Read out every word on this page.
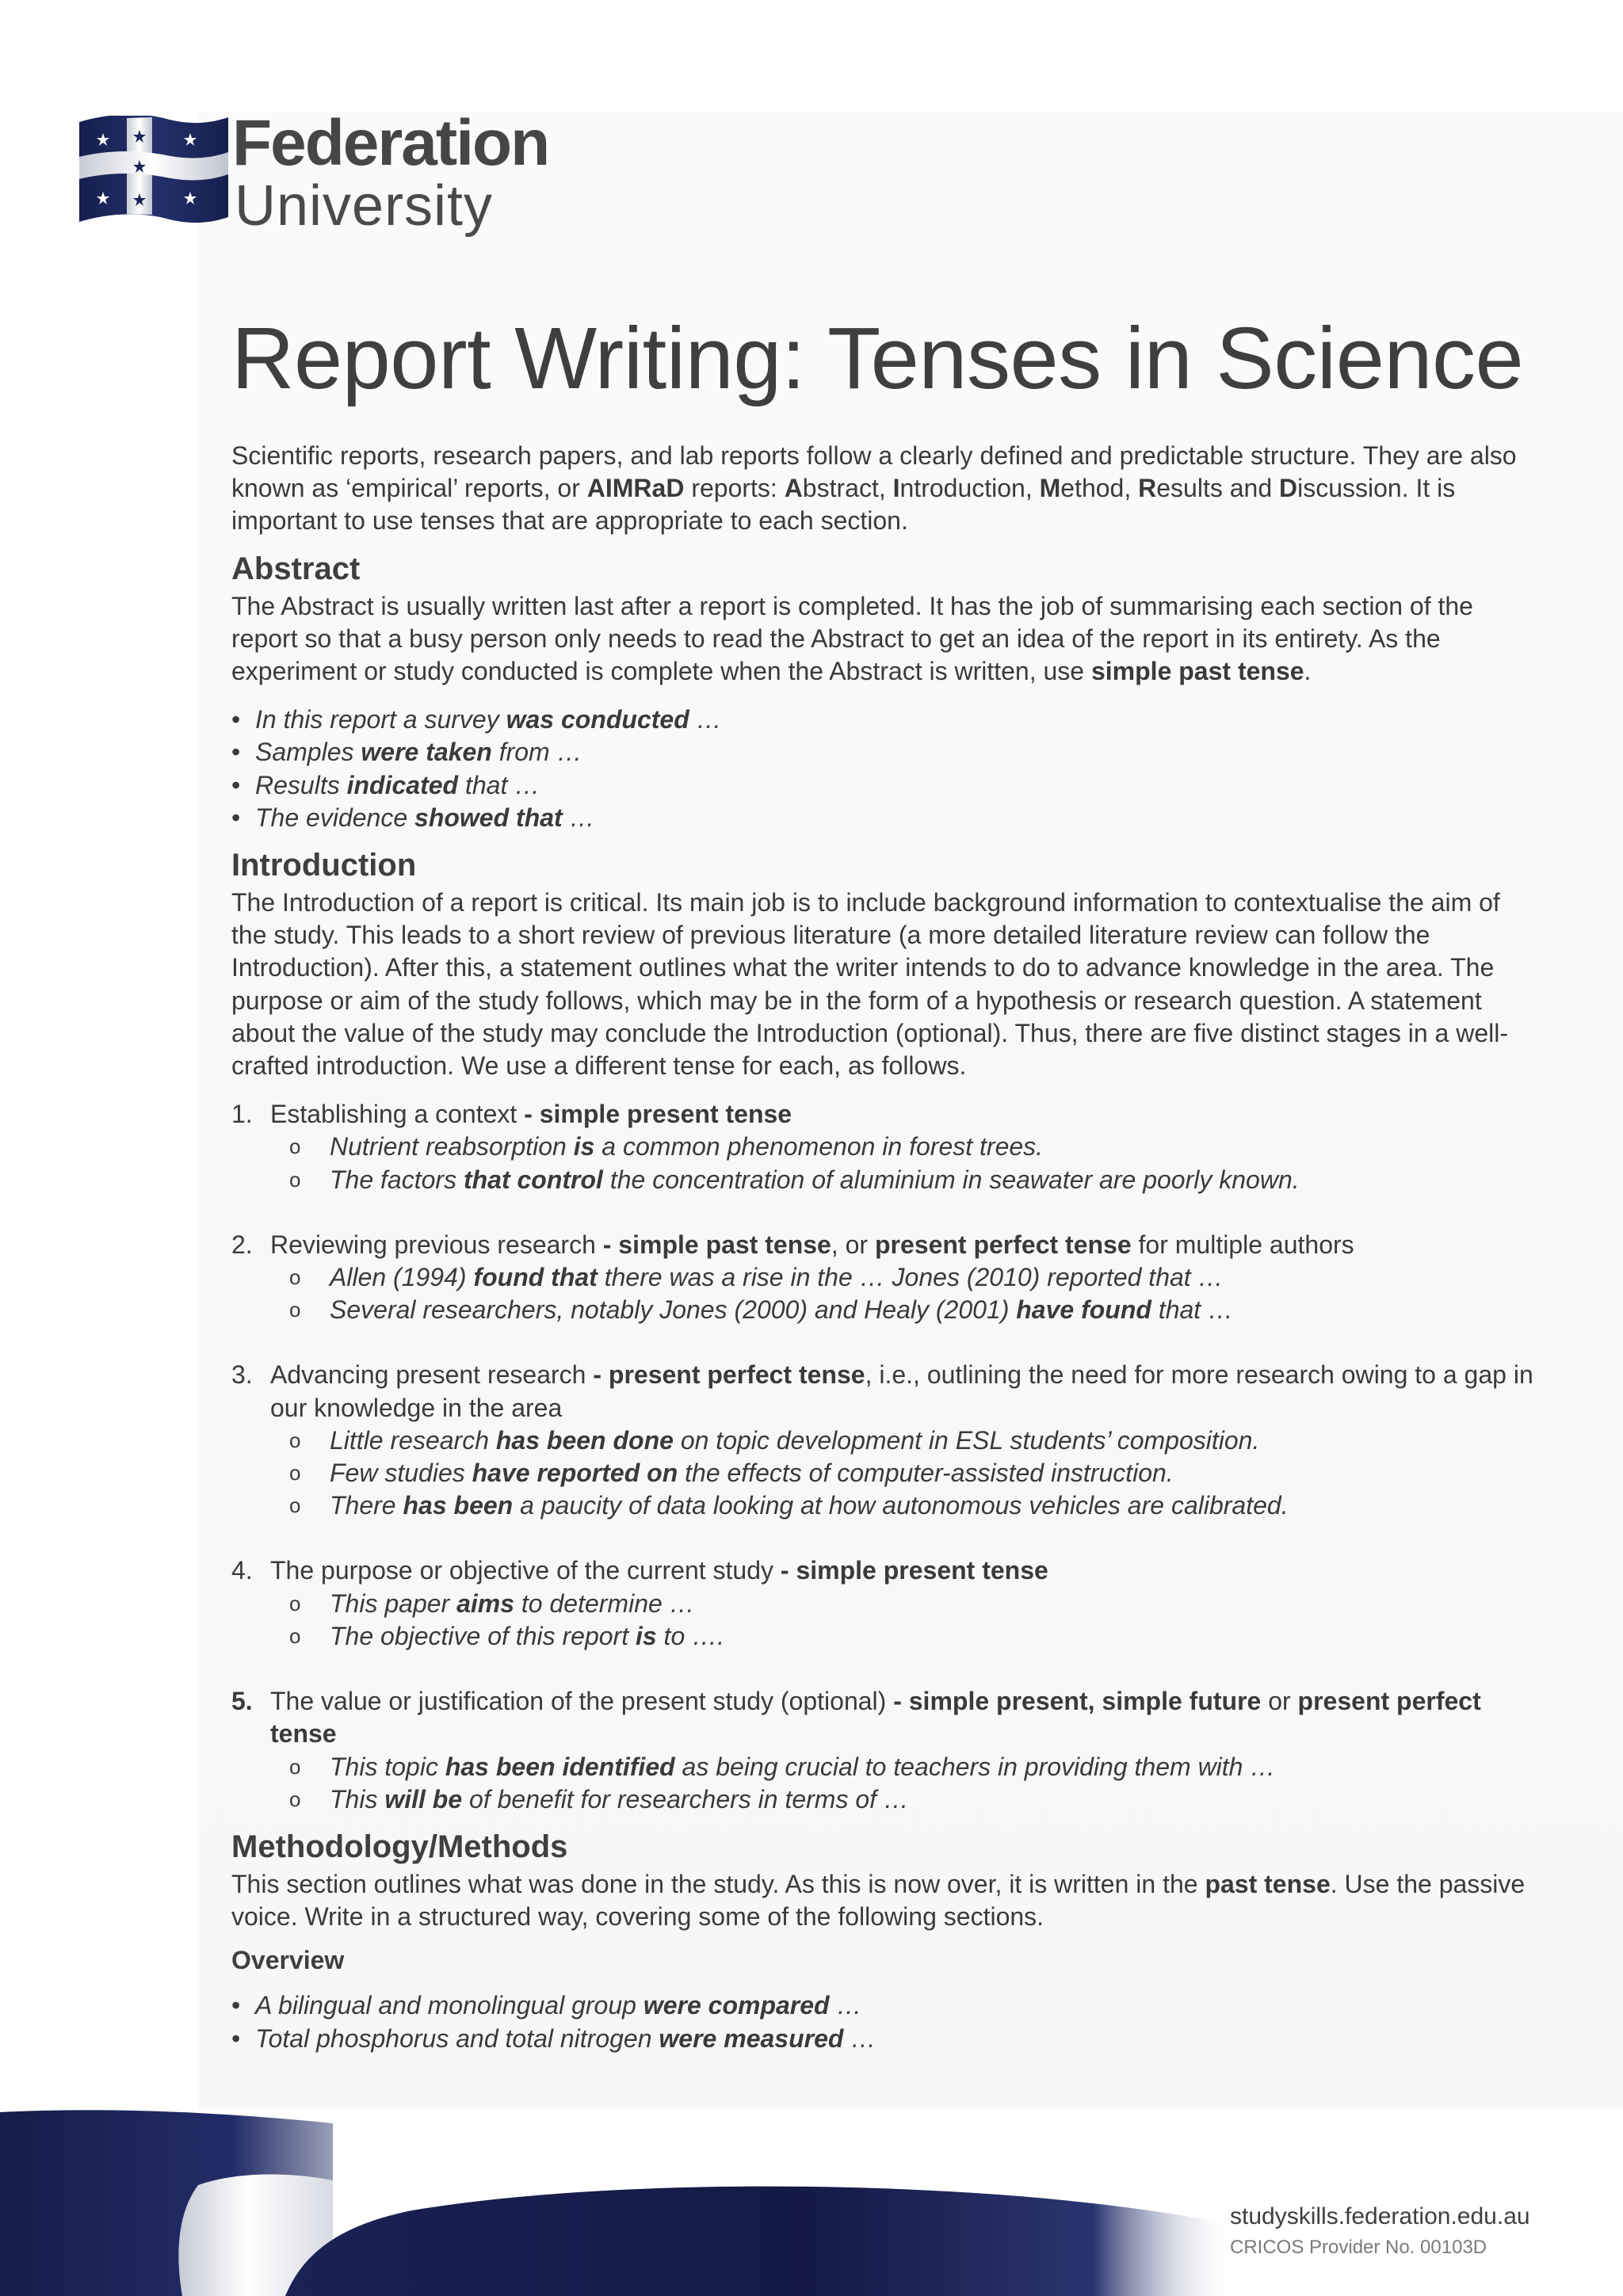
Federation
University
Report Writing: Tenses in Science

Scientific reports, research papers, and lab reports follow a clearly defined and predictable structure. They are also known as ‘empirical’ reports, or AIMRaD reports: Abstract, Introduction, Method, Results and Discussion. It is important to use tenses that are appropriate to each section.

Abstract

The Abstract is usually written last after a report is completed. It has the job of summarising each section of the report so that a busy person only needs to read the Abstract to get an idea of the report in its entirety. As the experiment or study conducted is complete when the Abstract is written, use simple past tense.

• In this report a survey was conducted …
• Samples were taken from …
• Results indicated that …
• The evidence showed that …
Introduction

The Introduction of a report is critical. Its main job is to include background information to contextualise the aim of the study. This leads to a short review of previous literature (a more detailed literature review can follow the Introduction). After this, a statement outlines what the writer intends to do to advance knowledge in the area. The purpose or aim of the study follows, which may be in the form of a hypothesis or research question. A statement about the value of the study may conclude the Introduction (optional). Thus, there are five distinct stages in a well-crafted introduction. We use a different tense for each, as follows.

1. Establishing a context - simple present tense
o Nutrient reabsorption is a common phenomenon in forest trees.
o The factors that control the concentration of aluminium in seawater are poorly known.
2. Reviewing previous research - simple past tense, or present perfect tense for multiple authors
o Allen (1994) found that there was a rise in the … Jones (2010) reported that …
o Several researchers, notably Jones (2000) and Healy (2001) have found that …
3. Advancing present research - present perfect tense, i.e., outlining the need for more research owing to a gap in our knowledge in the area
o Little research has been done on topic development in ESL students’ composition.
o Few studies have reported on the effects of computer-assisted instruction.
o There has been a paucity of data looking at how autonomous vehicles are calibrated.
4. The purpose or objective of the current study - simple present tense
o This paper aims to determine …
o The objective of this report is to ….
5. The value or justification of the present study (optional) - simple present, simple future or present perfect tense
o This topic has been identified as being crucial to teachers in providing them with …
o This will be of benefit for researchers in terms of …
Methodology/Methods

This section outlines what was done in the study. As this is now over, it is written in the past tense. Use the passive voice. Write in a structured way, covering some of the following sections.

Overview
• A bilingual and monolingual group were compared …
• Total phosphorus and total nitrogen were measured …
studyskills.federation.edu.au
CRICOS Provider No. 00103D
